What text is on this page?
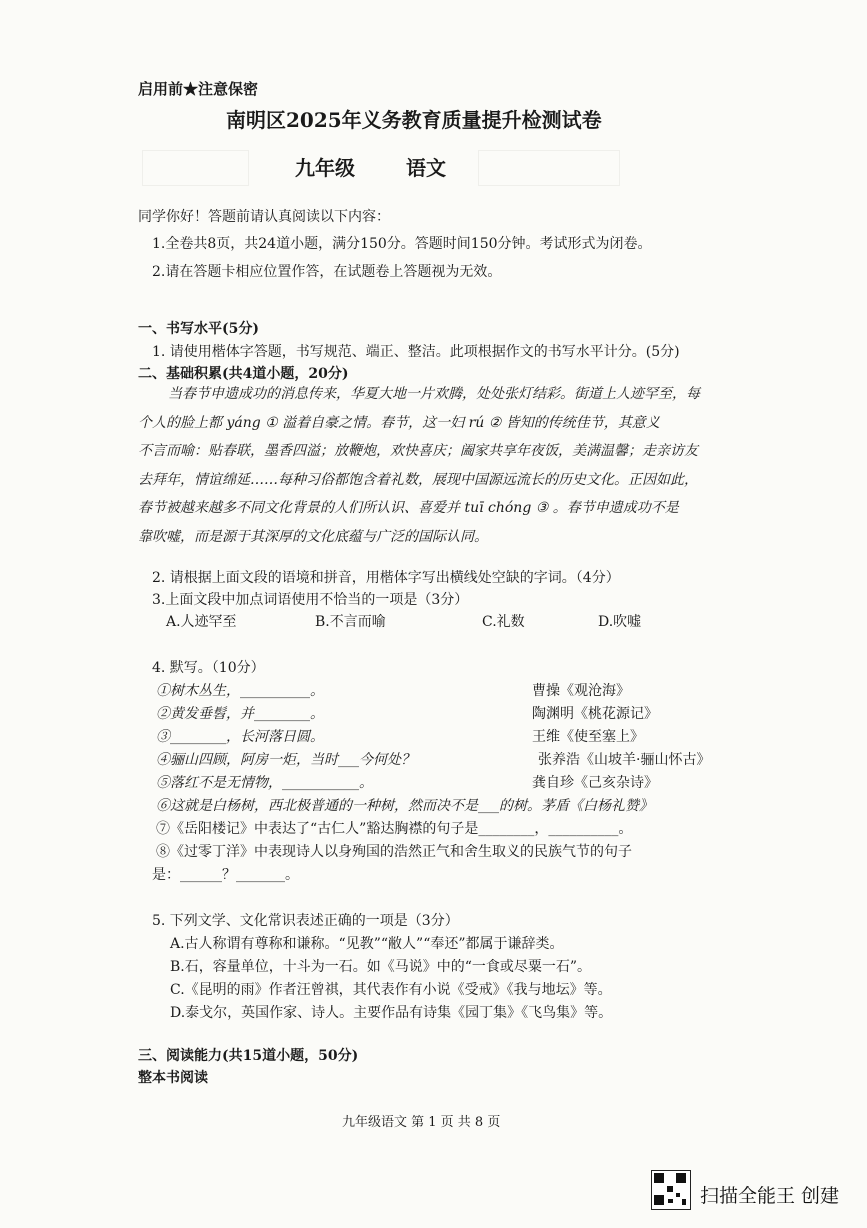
启用前★注意保密
南明区2025年义务教育质量提升检测试卷
九年级	语文
同学你好！答题前请认真阅读以下内容：
1.全卷共8页，共24道小题，满分150分。答题时间150分钟。考试形式为闭卷。
2.请在答题卡相应位置作答，在试题卷上答题视为无效。
一、书写水平(5分)
1. 请使用楷体字答题，书写规范、端正、整洁。此项根据作文的书写水平计分。(5分)
二、基础积累(共4道小题，20分)

当春节申遗成功的消息传来，华夏大地一片欢腾，处处张灯结彩。街道上人迹罕至，每

个人的脸上都 yáng ① 溢着自豪之情。春节，这一妇 rú ② 皆知的传统佳节，其意义

不言而喻：贴春联，墨香四溢；放鞭炮，欢快喜庆；阖家共享年夜饭，美满温馨；走亲访友

去拜年，情谊绵延……每种习俗都饱含着礼数，展现中国源远流长的历史文化。正因如此，

春节被越来越多不同文化背景的人们所认识、喜爱并 tuī chóng ③ 。春节申遗成功不是

靠吹嘘，而是源于其深厚的文化底蕴与广泛的国际认同。

2. 请根据上面文段的语境和拼音，用楷体字写出横线处空缺的字词。（4分）
3.上面文段中加点词语使用不恰当的一项是（3分）
A.人迹罕至	B.不言而喻	C.礼数	D.吹嘘
4. 默写。（10分）
①树木丛生，__________。	曹操《观沧海》
②黄发垂髫，并________。	陶渊明《桃花源记》
③________，长河落日圆。	王维《使至塞上》
④骊山四顾，阿房一炬，当时___今何处？	张养浩《山坡羊·骊山怀古》
⑤落红不是无情物，___________。	龚自珍《己亥杂诗》
⑥这就是白杨树，西北极普通的一种树，然而决不是___的树。茅盾《白杨礼赞》
⑦《岳阳楼记》中表达了“古仁人”豁达胸襟的句子是________，__________。
⑧《过零丁洋》中表现诗人以身殉国的浩然正气和舍生取义的民族气节的句子
是：______？_______。
5. 下列文学、文化常识表述正确的一项是（3分）
A.古人称谓有尊称和谦称。“见教”“敝人”“奉还”都属于谦辞类。
B.石，容量单位，十斗为一石。如《马说》中的“一食或尽粟一石”。
C.《昆明的雨》作者汪曾祺，其代表作有小说《受戒》《我与地坛》等。
D.泰戈尔，英国作家、诗人。主要作品有诗集《园丁集》《飞鸟集》等。
三、阅读能力(共15道小题，50分)
整本书阅读
九年级语文 第 1 页 共 8 页
扫描全能王 创建
